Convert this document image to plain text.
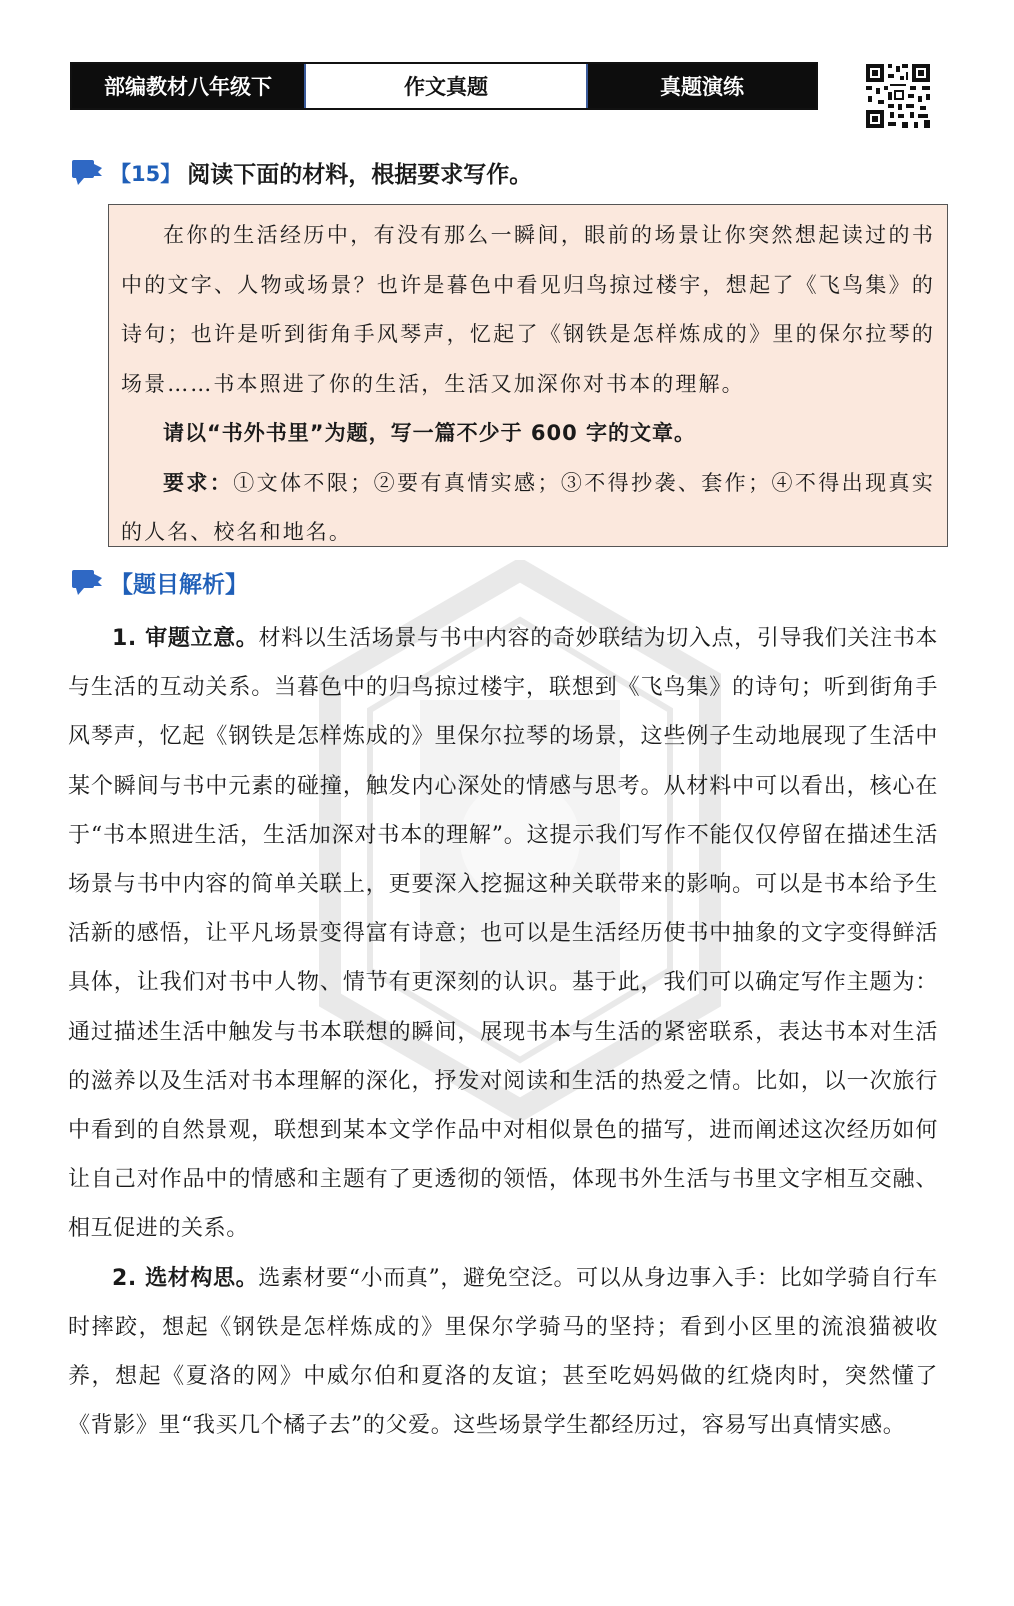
部编教材八年级下	作文真题	真题演练
【15】 阅读下面的材料，根据要求写作。

在你的生活经历中，有没有那么一瞬间，眼前的场景让你突然想起读过的书中的文字、人物或场景？也许是暮色中看见归鸟掠过楼宇，想起了《飞鸟集》的诗句；也许是听到街角手风琴声，忆起了《钢铁是怎样炼成的》里的保尔拉琴的场景……书本照进了你的生活，生活又加深你对书本的理解。

请以“书外书里”为题，写一篇不少于 600 字的文章。

要求：①文体不限；②要有真情实感；③不得抄袭、套作；④不得出现真实的人名、校名和地名。

【题目解析】

1. 审题立意。材料以生活场景与书中内容的奇妙联结为切入点，引导我们关注书本与生活的互动关系。当暮色中的归鸟掠过楼宇，联想到《飞鸟集》的诗句；听到街角手风琴声，忆起《钢铁是怎样炼成的》里保尔拉琴的场景，这些例子生动地展现了生活中某个瞬间与书中元素的碰撞，触发内心深处的情感与思考。从材料中可以看出，核心在于“书本照进生活，生活加深对书本的理解”。这提示我们写作不能仅仅停留在描述生活场景与书中内容的简单关联上，更要深入挖掘这种关联带来的影响。可以是书本给予生活新的感悟，让平凡场景变得富有诗意；也可以是生活经历使书中抽象的文字变得鲜活具体，让我们对书中人物、情节有更深刻的认识。基于此，我们可以确定写作主题为：通过描述生活中触发与书本联想的瞬间，展现书本与生活的紧密联系，表达书本对生活的滋养以及生活对书本理解的深化，抒发对阅读和生活的热爱之情。比如，以一次旅行中看到的自然景观，联想到某本文学作品中对相似景色的描写，进而阐述这次经历如何让自己对作品中的情感和主题有了更透彻的领悟，体现书外生活与书里文字相互交融、相互促进的关系。

2. 选材构思。选素材要“小而真”，避免空泛。可以从身边事入手：比如学骑自行车时摔跤，想起《钢铁是怎样炼成的》里保尔学骑马的坚持；看到小区里的流浪猫被收养，想起《夏洛的网》中威尔伯和夏洛的友谊；甚至吃妈妈做的红烧肉时，突然懂了《背影》里“我买几个橘子去”的父爱。这些场景学生都经历过，容易写出真情实感。
